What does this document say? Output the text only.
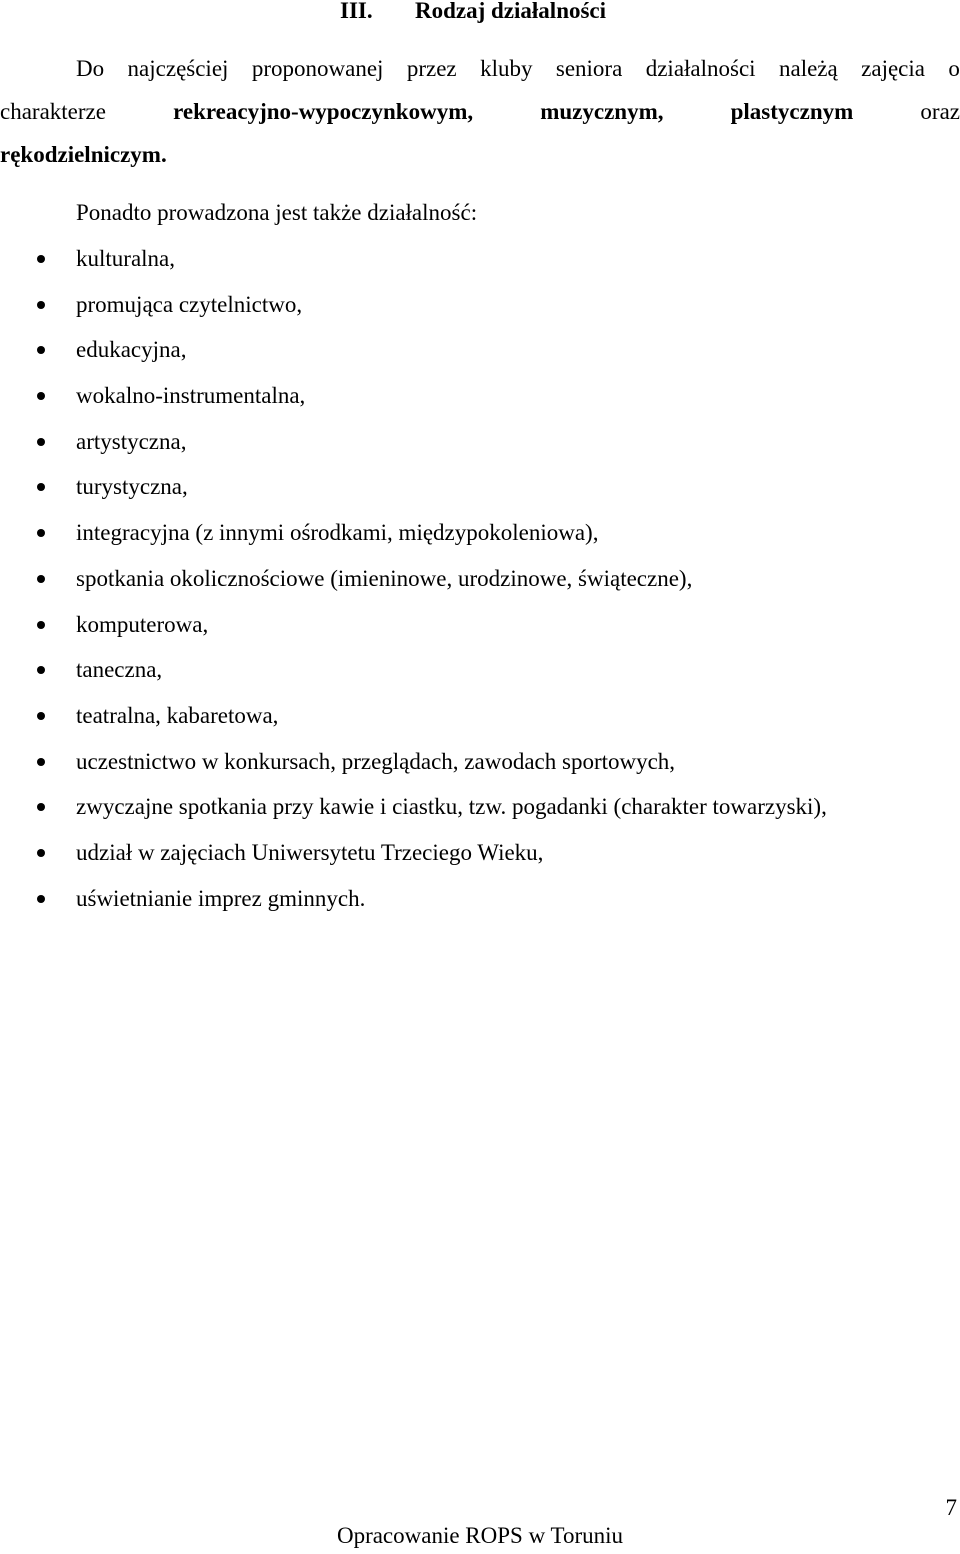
III. Rodzaj działalności
Do najczęściej proponowanej przez kluby seniora działalności należą zajęcia o
charakterze	rekreacyjno-wypoczynkowym,	muzycznym,	plastycznym	oraz
rękodzielniczym.
Ponadto prowadzona jest także działalność:
kulturalna,
promująca czytelnictwo,
edukacyjna,
wokalno-instrumentalna,
artystyczna,
turystyczna,
integracyjna (z innymi ośrodkami, międzypokoleniowa),
spotkania okolicznościowe (imieninowe, urodzinowe, świąteczne),
komputerowa,
taneczna,
teatralna, kabaretowa,
uczestnictwo w konkursach, przeglądach, zawodach sportowych,
zwyczajne spotkania przy kawie i ciastku, tzw. pogadanki (charakter towarzyski),
udział w zajęciach Uniwersytetu Trzeciego Wieku,
uświetnianie imprez gminnych.
7
Opracowanie ROPS w Toruniu
